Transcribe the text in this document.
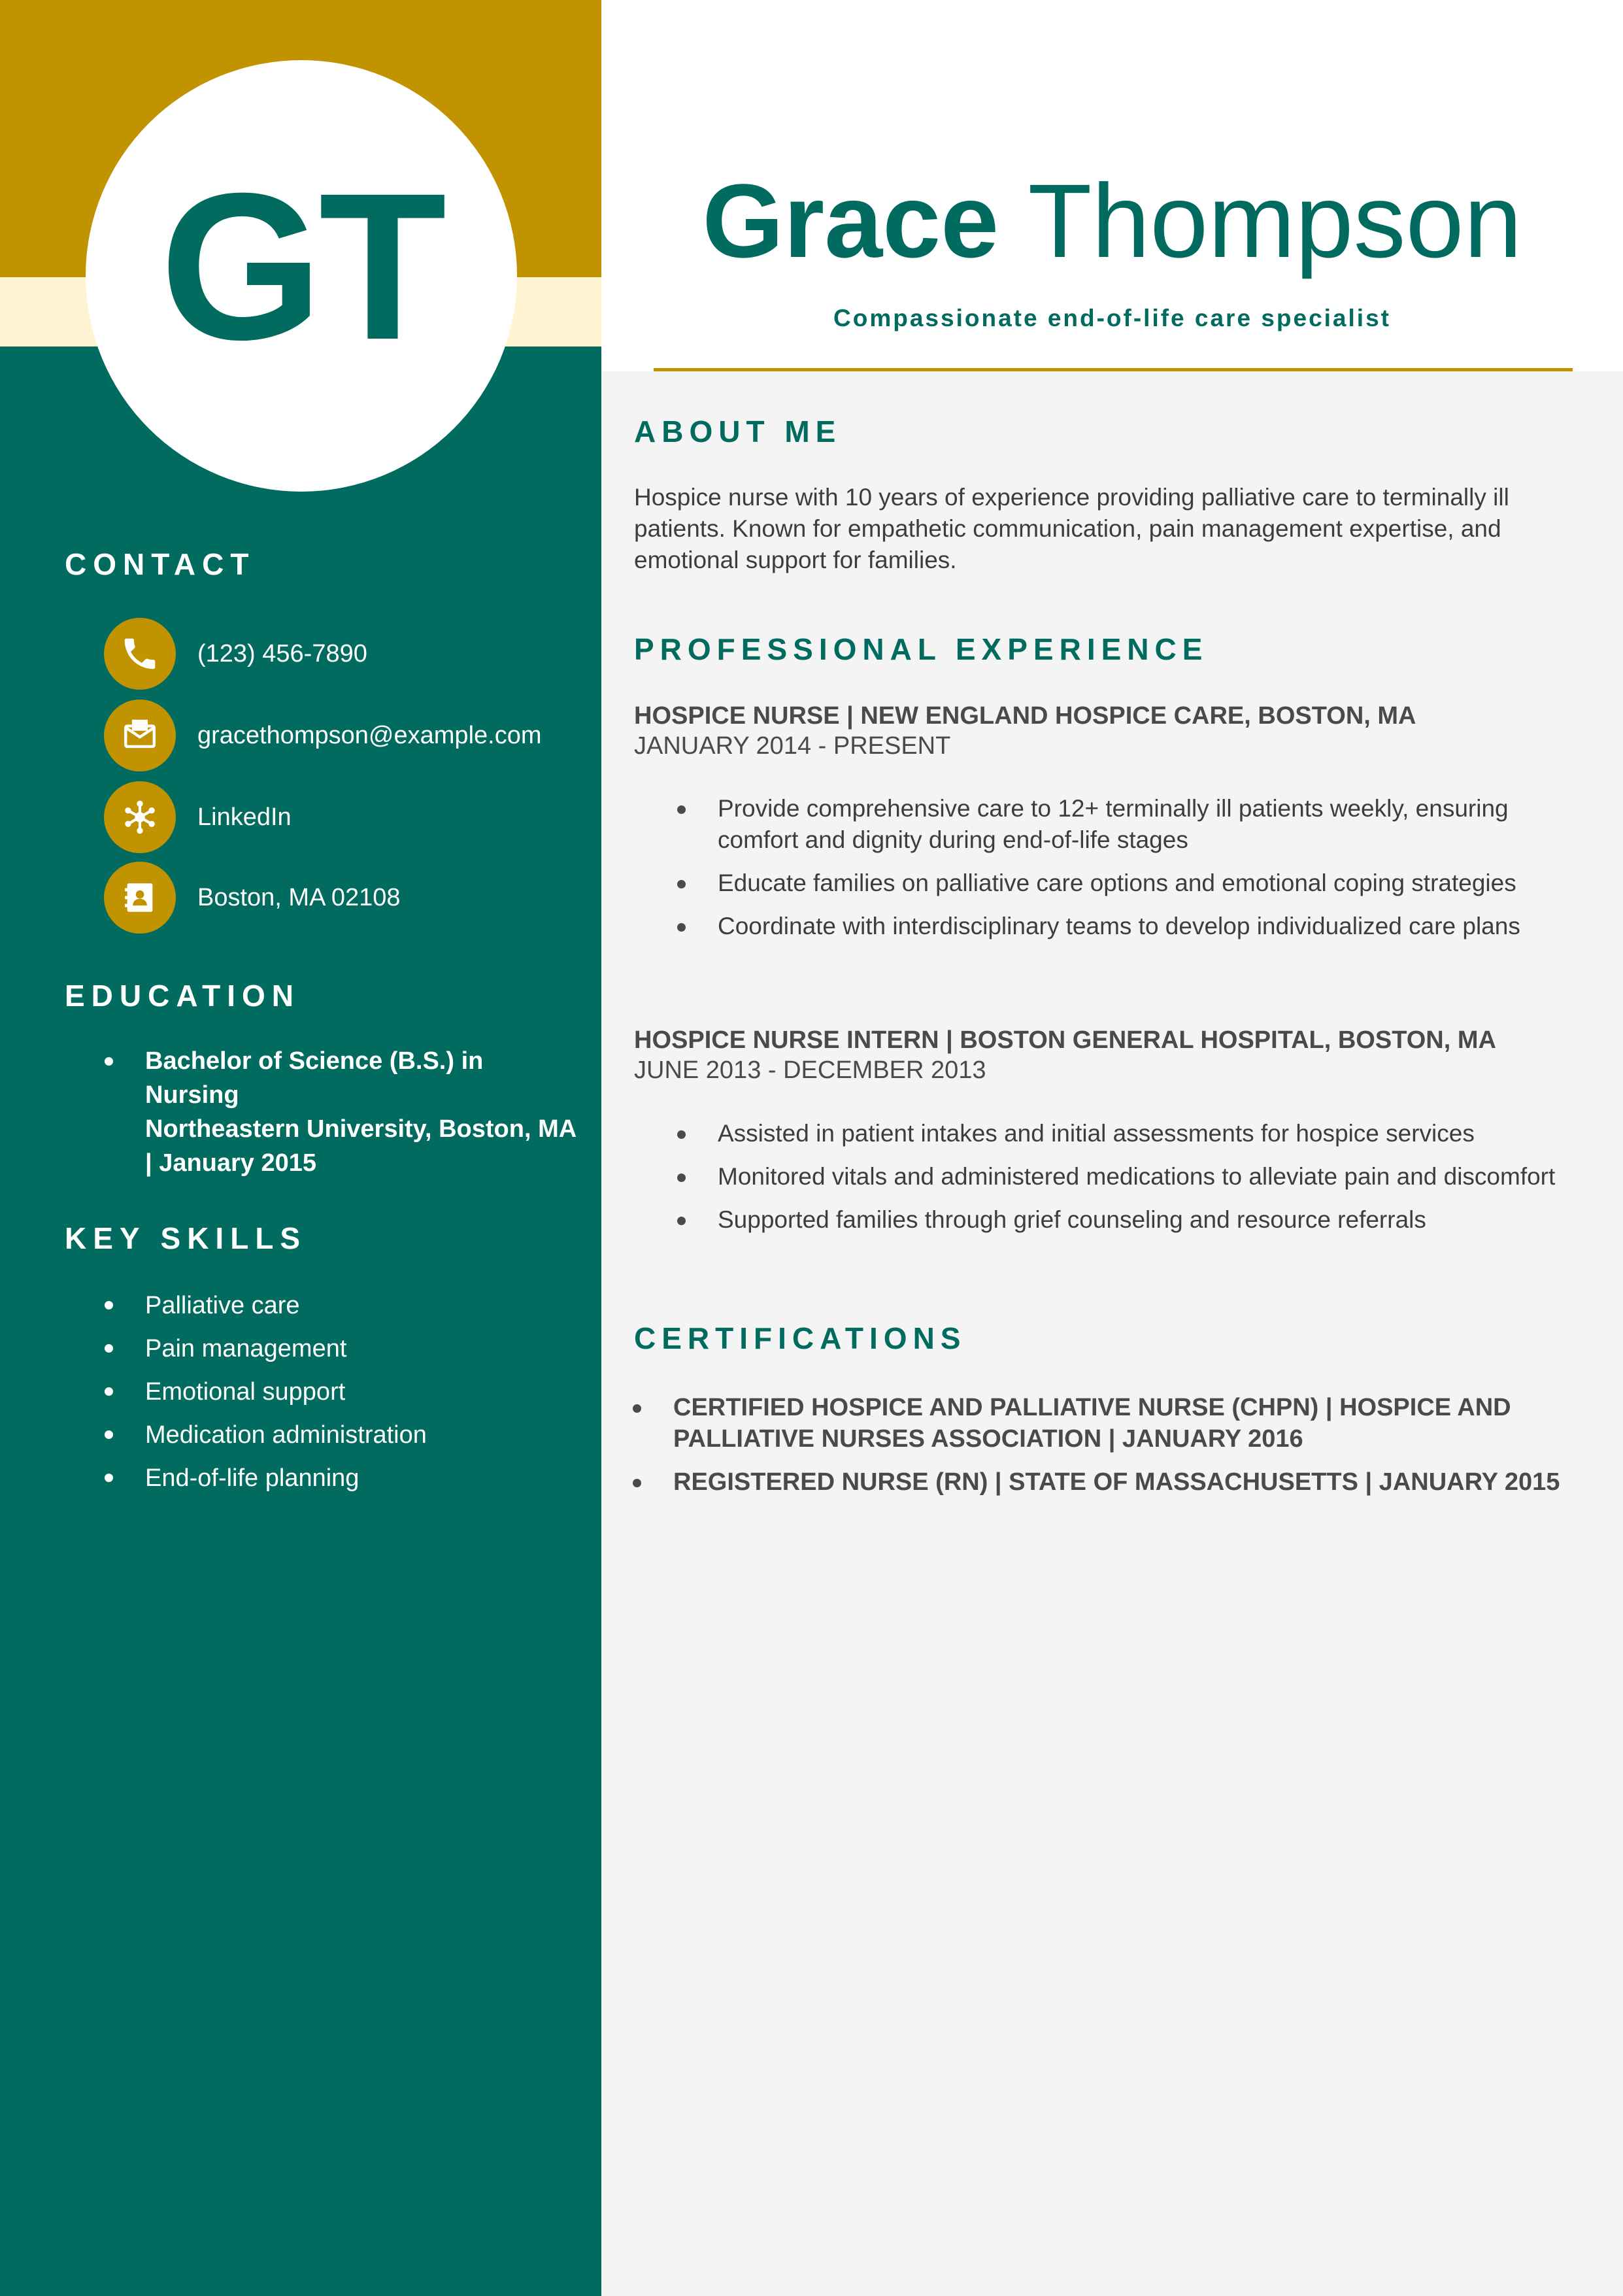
GT	Grace Thompson
Compassionate end-of-life care specialist
CONTACT
(123) 456-7890
gracethompson@example.com
LinkedIn
Boston, MA 02108
EDUCATION
Bachelor of Science (B.S.) in Nursing
Northeastern University, Boston, MA | January 2015
KEY SKILLS
Palliative care
Pain management
Emotional support
Medication administration
End-of-life planning
ABOUT ME

Hospice nurse with 10 years of experience providing palliative care to terminally ill patients. Known for empathetic communication, pain management expertise, and emotional support for families.

PROFESSIONAL EXPERIENCE
HOSPICE NURSE | NEW ENGLAND HOSPICE CARE, BOSTON, MA
JANUARY 2014 - PRESENT
Provide comprehensive care to 12+ terminally ill patients weekly, ensuring comfort and dignity during end-of-life stages
Educate families on palliative care options and emotional coping strategies
Coordinate with interdisciplinary teams to develop individualized care plans
HOSPICE NURSE INTERN | BOSTON GENERAL HOSPITAL, BOSTON, MA
JUNE 2013 - DECEMBER 2013
Assisted in patient intakes and initial assessments for hospice services
Monitored vitals and administered medications to alleviate pain and discomfort
Supported families through grief counseling and resource referrals
CERTIFICATIONS
CERTIFIED HOSPICE AND PALLIATIVE NURSE (CHPN) | HOSPICE AND PALLIATIVE NURSES ASSOCIATION | JANUARY 2016
REGISTERED NURSE (RN) | STATE OF MASSACHUSETTS | JANUARY 2015
